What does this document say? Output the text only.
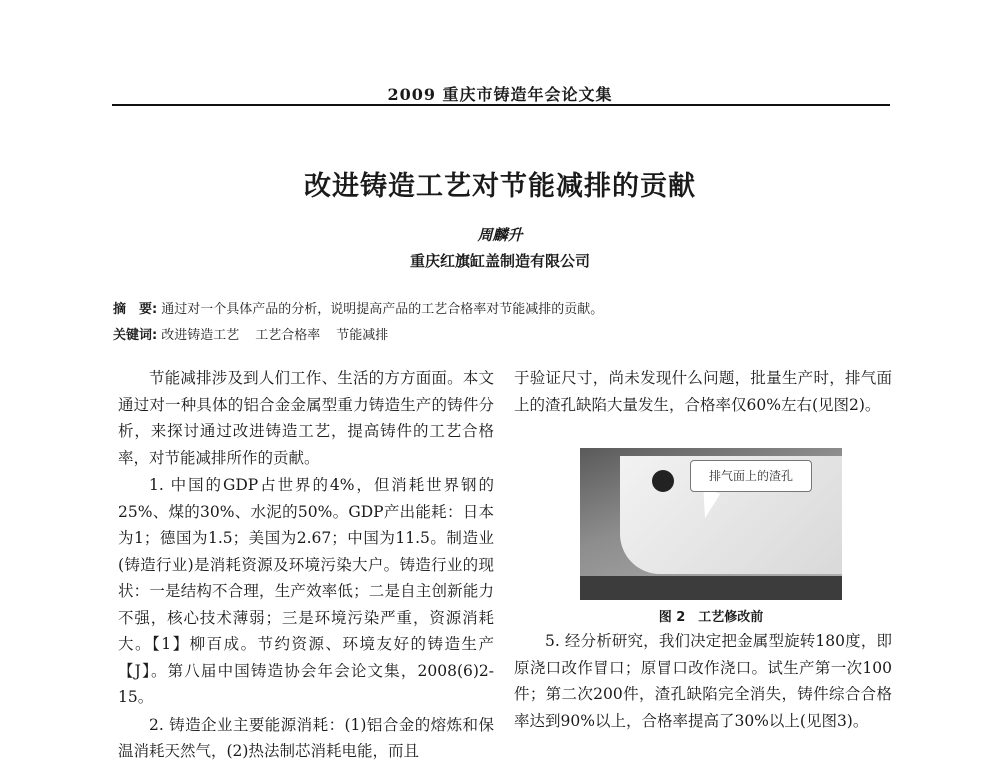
2009 重庆市铸造年会论文集
改进铸造工艺对节能减排的贡献
周麟升
重庆红旗缸盖制造有限公司
摘　要: 通过对一个具体产品的分析，说明提高产品的工艺合格率对节能减排的贡献。
关键词: 改进铸造工艺 工艺合格率 节能减排

节能减排涉及到人们工作、生活的方方面面。本文通过对一种具体的铝合金金属型重力铸造生产的铸件分析，来探讨通过改进铸造工艺，提高铸件的工艺合格率，对节能减排所作的贡献。

1. 中国的GDP占世界的4%，但消耗世界钢的25%、煤的30%、水泥的50%。GDP产出能耗：日本为1；德国为1.5；美国为2.67；中国为11.5。制造业(铸造行业)是消耗资源及环境污染大户。铸造行业的现状：一是结构不合理，生产效率低；二是自主创新能力不强，核心技术薄弱；三是环境污染严重，资源消耗大。【1】柳百成。节约资源、环境友好的铸造生产【J】。第八届中国铸造协会年会论文集，2008(6)2-15。

2. 铸造企业主要能源消耗：(1)铝合金的熔炼和保温消耗天然气，(2)热法制芯消耗电能，而且

于验证尺寸，尚未发现什么问题，批量生产时，排气面上的渣孔缺陷大量发生，合格率仅60%左右(见图2)。

排气面上的渣孔
图 2　工艺修改前

5. 经分析研究，我们决定把金属型旋转180度，即原浇口改作冒口；原冒口改作浇口。试生产第一次100件；第二次200件，渣孔缺陷完全消失，铸件综合合格率达到90%以上，合格率提高了30%以上(见图3)。
